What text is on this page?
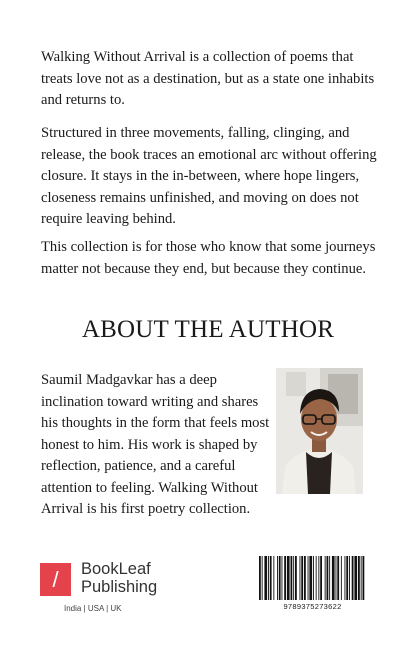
Walking Without Arrival is a collection of poems that treats love not as a destination, but as a state one inhabits and returns to.

Structured in three movements, falling, clinging, and release, the book traces an emotional arc without offering closure. It stays in the in-between, where hope lingers, closeness remains unfinished, and moving on does not require leaving behind.

This collection is for those who know that some journeys matter not because they end, but because they continue.

ABOUT THE AUTHOR

Saumil Madgavkar has a deep inclination toward writing and shares his thoughts in the form that feels most honest to him. His work is shaped by reflection, patience, and a careful attention to feeling. Walking Without Arrival is his first poetry collection.

/	BookLeaf
Publishing
India | USA | UK	9789375273622
